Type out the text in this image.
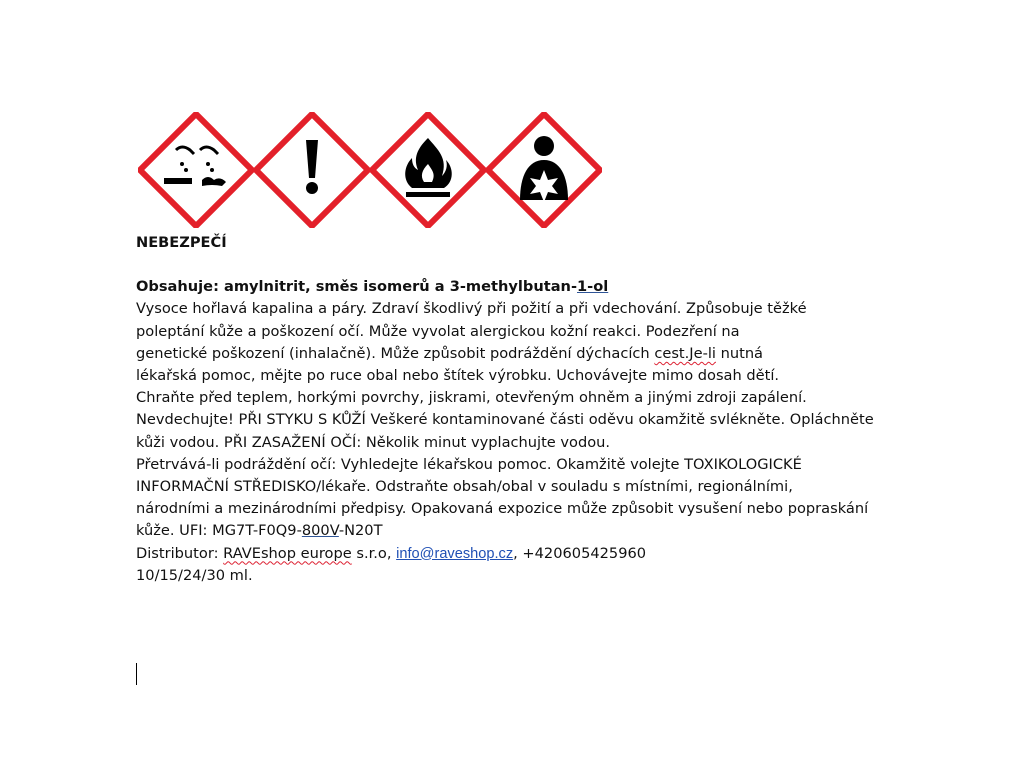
NEBEZPEČÍ
Obsahuje: amylnitrit, směs isomerů a 3-methylbutan-1-ol
Vysoce hořlavá kapalina a páry. Zdraví škodlivý při požití a při vdechování. Způsobuje těžké
poleptání kůže a poškození očí. Může vyvolat alergickou kožní reakci. Podezření na
genetické poškození (inhalačně). Může způsobit podráždění dýchacích cest.Je-li nutná
lékařská pomoc, mějte po ruce obal nebo štítek výrobku. Uchovávejte mimo dosah dětí.
Chraňte před teplem, horkými povrchy, jiskrami, otevřeným ohněm a jinými zdroji zapálení.
Nevdechujte! PŘI STYKU S KŮŽÍ Veškeré kontaminované části oděvu okamžitě svlékněte. Opláchněte
kůži vodou. PŘI ZASAŽENÍ OČÍ: Několik minut vyplachujte vodou.
Přetrvává-li podráždění očí: Vyhledejte lékařskou pomoc. Okamžitě volejte TOXIKOLOGICKÉ
INFORMAČNÍ STŘEDISKO/lékaře. Odstraňte obsah/obal v souladu s místními, regionálními,
národními a mezinárodními předpisy. Opakovaná expozice může způsobit vysušení nebo popraskání
kůže. UFI: MG7T-F0Q9-800V-N20T
Distributor: RAVEshop europe s.r.o, info@raveshop.cz, +420605425960
10/15/24/30 ml.
